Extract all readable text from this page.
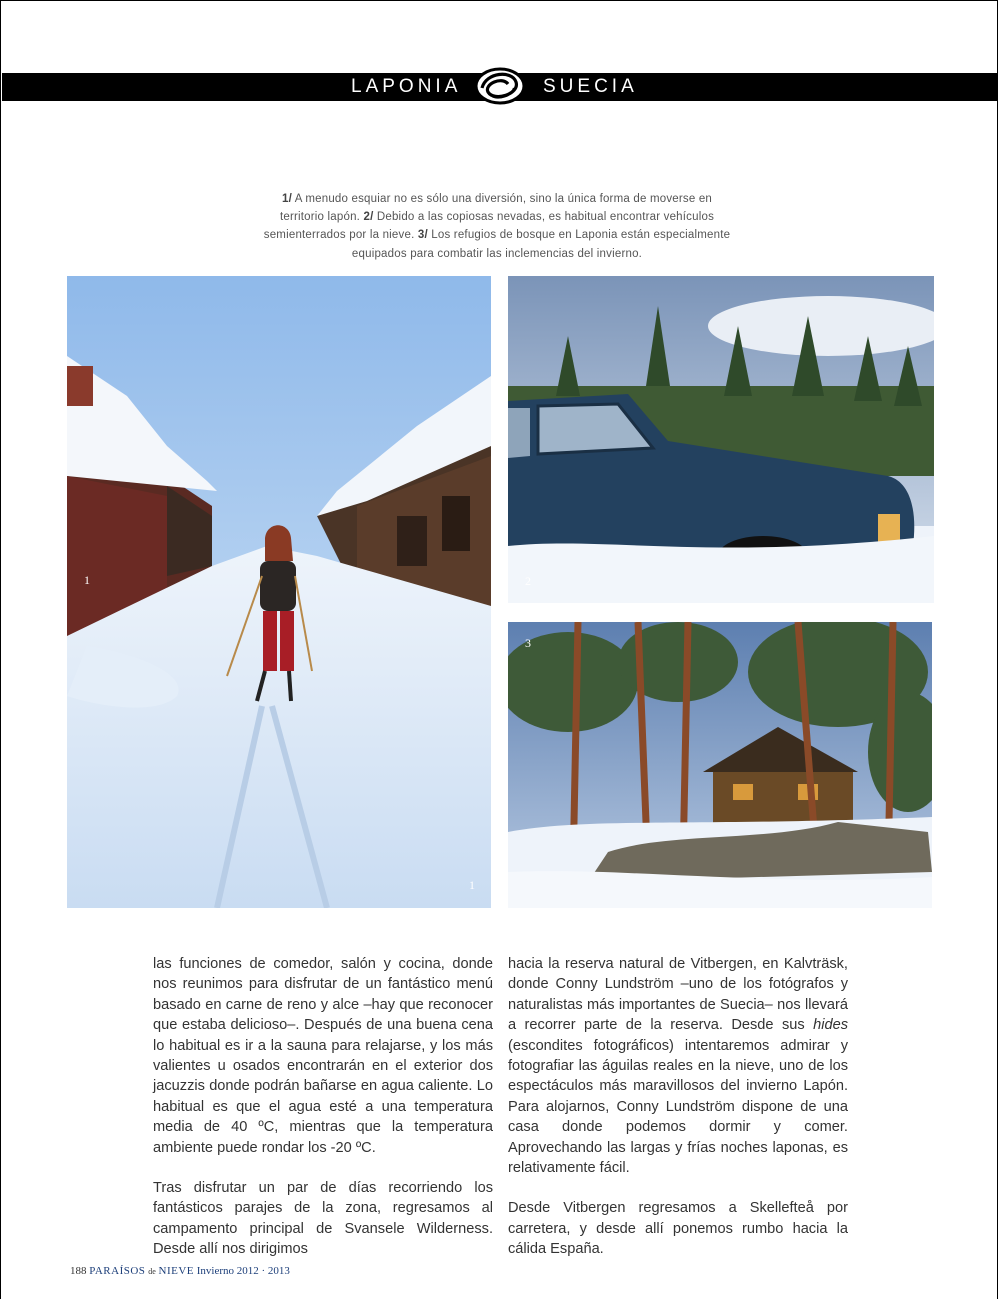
LAPONIA	SUECIA
1/ A menudo esquiar no es sólo una diversión, sino la única forma de moverse en territorio lapón. 2/ Debido a las copiosas nevadas, es habitual encontrar vehículos semienterrados por la nieve. 3/ Los refugios de bosque en Laponia están especialmente equipados para combatir las inclemencias del invierno.
1
1
2
3

las funciones de comedor, salón y cocina, donde nos reunimos para disfrutar de un fantástico menú basado en carne de reno y alce –hay que reconocer que estaba delicioso–. Después de una buena cena lo habitual es ir a la sauna para relajarse, y los más valientes u osados encontrarán en el exterior dos jacuzzis donde podrán bañarse en agua caliente. Lo habitual es que el agua esté a una temperatura media de 40 ºC, mientras que la temperatura ambiente puede rondar los -20 ºC.

Tras disfrutar un par de días recorriendo los fantásticos parajes de la zona, regresamos al campamento principal de Svansele Wilderness. Desde allí nos dirigimos

hacia la reserva natural de Vitbergen, en Kalvträsk, donde Conny Lundström –uno de los fotógrafos y naturalistas más importantes de Suecia– nos llevará a recorrer parte de la reserva. Desde sus hides (escondites fotográficos) intentaremos admirar y fotografiar las águilas reales en la nieve, uno de los espectáculos más maravillosos del invierno Lapón. Para alojarnos, Conny Lundström dispone de una casa donde podemos dormir y comer. Aprovechando las largas y frías noches laponas, es relativamente fácil.

Desde Vitbergen regresamos a Skellefteå por carretera, y desde allí ponemos rumbo hacia la cálida España.

188 PARAÍSOS de NIEVE Invierno 2012 · 2013
